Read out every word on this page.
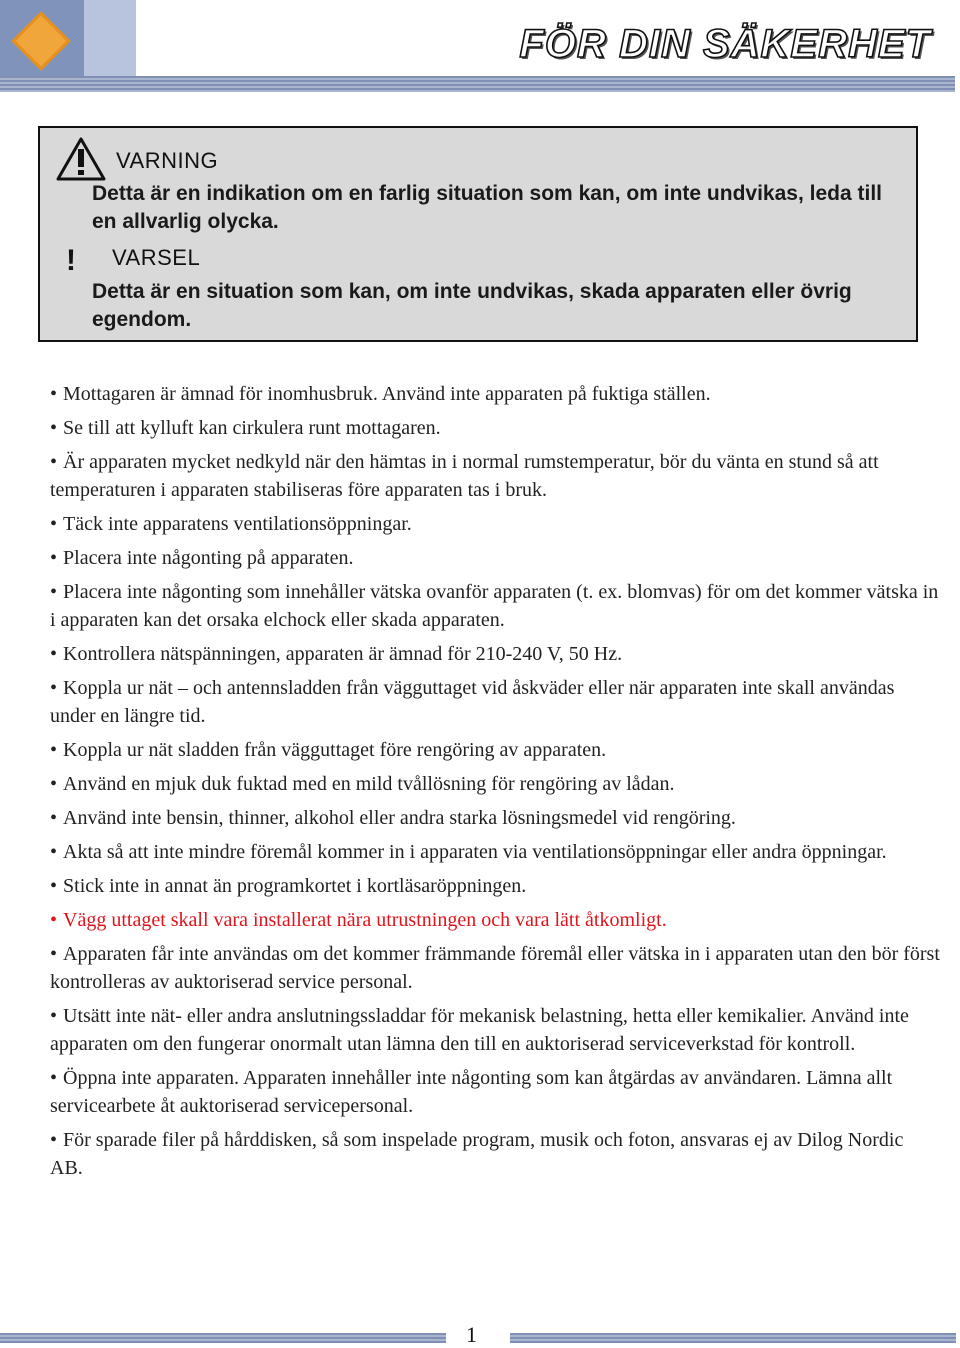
FÖR DIN SÄKERHET
VARNING
Detta är en indikation om en farlig situation som kan, om inte undvikas, leda till en allvarlig olycka.
! VARSEL
Detta är en situation som kan, om inte undvikas, skada apparaten eller övrig egendom.
• Mottagaren är ämnad för inomhusbruk. Använd inte apparaten på fuktiga ställen.
• Se till att kylluft kan cirkulera runt mottagaren.
• Är apparaten mycket nedkyld när den hämtas in i normal rumstemperatur, bör du vänta en stund så att temperaturen i apparaten stabiliseras före apparaten tas i bruk.
• Täck inte apparatens ventilationsöppningar.
• Placera inte någonting på apparaten.
• Placera inte någonting som innehåller vätska ovanför apparaten (t. ex. blomvas) för om det kommer vätska in i apparaten kan det orsaka elchock eller skada apparaten.
• Kontrollera nätspänningen, apparaten är ämnad för 210-240 V, 50 Hz.
• Koppla ur nät – och antennsladden från vägguttaget vid åskväder eller när apparaten inte skall användas under en längre tid.
• Koppla ur nät sladden från vägguttaget före rengöring av apparaten.
• Använd en mjuk duk fuktad med en mild tvållösning för rengöring av lådan.
• Använd inte bensin, thinner, alkohol eller andra starka lösningsmedel vid rengöring.
• Akta så att inte mindre föremål kommer in i apparaten via ventilationsöppningar eller andra öppningar.
• Stick inte in annat än programkortet i kortläsaröppningen.
• Vägg uttaget skall vara installerat nära utrustningen och vara lätt åtkomligt.
• Apparaten får inte användas om det kommer främmande föremål eller vätska in i apparaten utan den bör först kontrolleras av auktoriserad service personal.
• Utsätt inte nät- eller andra anslutningssladdar för mekanisk belastning, hetta eller kemikalier. Använd inte apparaten om den fungerar onormalt utan lämna den till en auktoriserad serviceverkstad för kontroll.
• Öppna inte apparaten. Apparaten innehåller inte någonting som kan åtgärdas av användaren. Lämna allt servicearbete åt auktoriserad servicepersonal.
• För sparade filer på hårddisken, så som inspelade program, musik och foton, ansvaras ej av Dilog Nordic AB.
1
